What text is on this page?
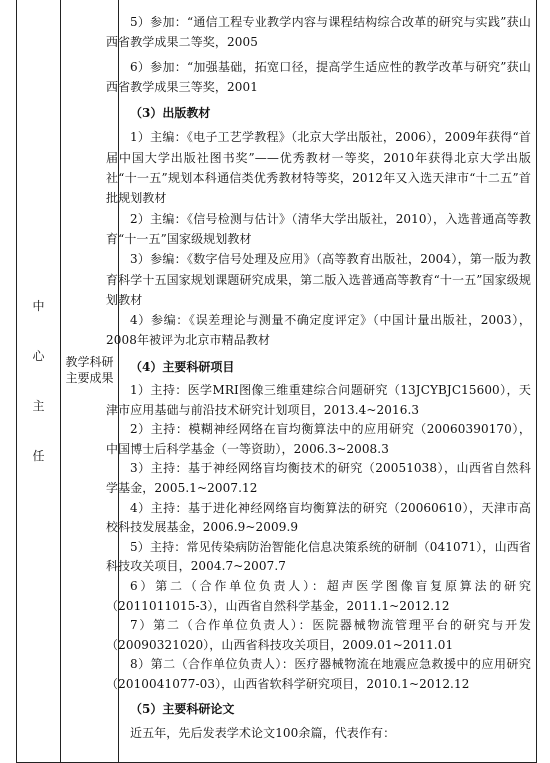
中
心
主
任
教学科研主要成果

5）参加：“通信工程专业教学内容与课程结构综合改革的研究与实践”获山西省教学成果二等奖，2005

6）参加：“加强基础，拓宽口径，提高学生适应性的教学改革与研究”获山西省教学成果三等奖，2001

（3）出版教材

1）主编：《电子工艺学教程》（北京大学出版社，2006），2009年获得“首届中国大学出版社图书奖”——优秀教材一等奖，2010年获得北京大学出版社“十一五”规划本科通信类优秀教材特等奖，2012年又入选天津市“十二五”首批规划教材

2）主编：《信号检测与估计》（清华大学出版社，2010），入选普通高等教育“十一五”国家级规划教材

3）参编：《数字信号处理及应用》（高等教育出版社，2004），第一版为教育科学十五国家规划课题研究成果，第二版入选普通高等教育“十一五”国家级规划教材

4）参编：《误差理论与测量不确定度评定》（中国计量出版社，2003），2008年被评为北京市精品教材

（4）主要科研项目

1）主持：医学MRI图像三维重建综合问题研究（13JCYBJC15600），天津市应用基础与前沿技术研究计划项目，2013.4~2016.3

2）主持：模糊神经网络在盲均衡算法中的应用研究（20060390170），中国博士后科学基金（一等资助），2006.3~2008.3

3）主持：基于神经网络盲均衡技术的研究（20051038），山西省自然科学基金，2005.1~2007.12

4）主持：基于进化神经网络盲均衡算法的研究（20060610），天津市高校科技发展基金，2006.9~2009.9

5）主持：常见传染病防治智能化信息决策系统的研制（041071），山西省科技攻关项目，2004.7~2007.7

6）第二（合作单位负责人）：超声医学图像盲复原算法的研究（2011011015-3），山西省自然科学基金，2011.1~2012.12

7）第二（合作单位负责人）：医院器械物流管理平台的研究与开发（20090321020），山西省科技攻关项目，2009.01~2011.01

8）第二（合作单位负责人）：医疗器械物流在地震应急救援中的应用研究（2010041077-03），山西省软科学研究项目，2010.1~2012.12

（5）主要科研论文

近五年，先后发表学术论文100余篇，代表作有：
